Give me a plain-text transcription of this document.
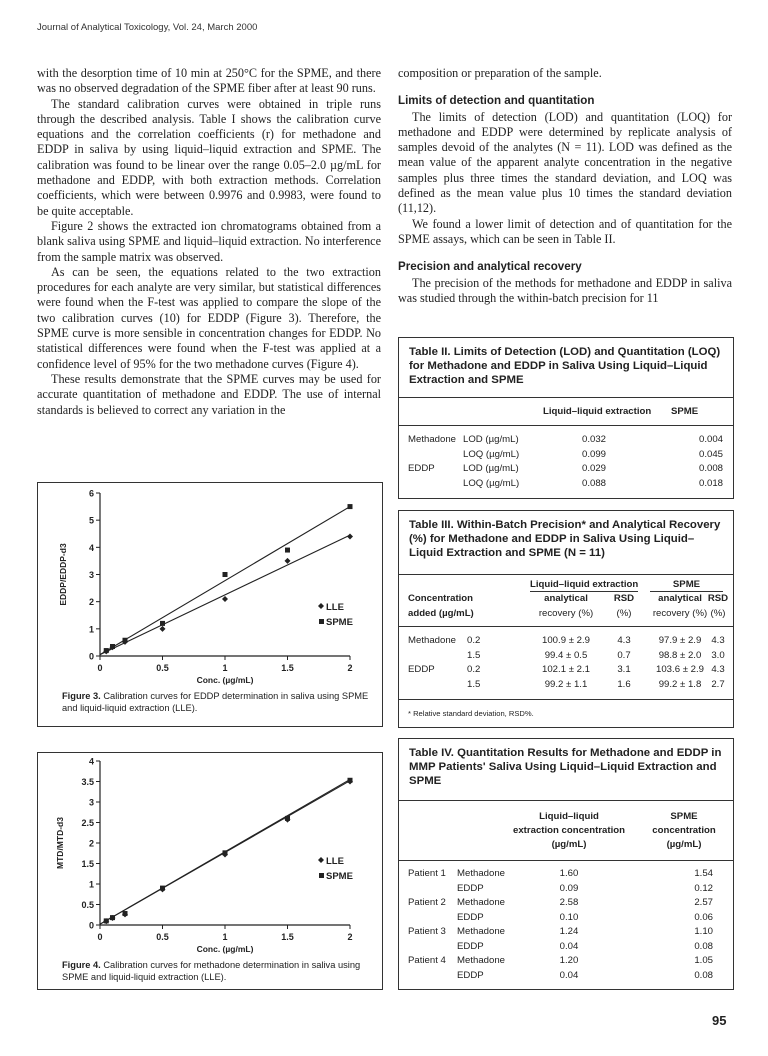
Journal of Analytical Toxicology, Vol. 24, March 2000

with the desorption time of 10 min at 250°C for the SPME, and there was no observed degradation of the SPME fiber after at least 90 runs.

The standard calibration curves were obtained in triple runs through the described analysis. Table I shows the calibration curve equations and the correlation coefficients (r) for methadone and EDDP in saliva by using liquid–liquid extraction and SPME. The calibration was found to be linear over the range 0.05–2.0 µg/mL for methadone and EDDP, with both extraction methods. Correlation coefficients, which were between 0.9976 and 0.9983, were found to be quite acceptable.

Figure 2 shows the extracted ion chromatograms obtained from a blank saliva using SPME and liquid–liquid extraction. No interference from the sample matrix was observed.

As can be seen, the equations related to the two extraction procedures for each analyte are very similar, but statistical differences were found when the F-test was applied to compare the slope of the two calibration curves (10) for EDDP (Figure 3). Therefore, the SPME curve is more sensible in concentration changes for EDDP. No statistical differences were found when the F-test was applied at a confidence level of 95% for the two methadone curves (Figure 4).

These results demonstrate that the SPME curves may be used for accurate quantitation of methadone and EDDP. The use of internal standards is believed to correct any variation in the

composition or preparation of the sample.

Limits of detection and quantitation

The limits of detection (LOD) and quantitation (LOQ) for methadone and EDDP were determined by replicate analysis of samples devoid of the analytes (N = 11). LOD was defined as the mean value of the apparent analyte concentration in the negative samples plus three times the standard deviation, and LOQ was defined as the mean value plus 10 times the standard deviation (11,12).

We found a lower limit of detection and of quantitation for the SPME assays, which can be seen in Table II.

Precision and analytical recovery

The precision of the methods for methadone and EDDP in saliva was studied through the within-batch precision for 11

0
1
2
3
4
5
6
0	0.5	1	1.5	2
Conc. (µg/mL)
EDDP/EDDP-d3
LLE
SPME
Figure 3. Calibration curves for EDDP determination in saliva using SPME and liquid-liquid extraction (LLE).
0
0.5
1
1.5
2
2.5
3
3.5
4
0	0.5	1	1.5	2
Conc. (µg/mL)
MTD/MTD-d3	LLE
SPME
Figure 4. Calibration curves for methadone determination in saliva using SPME and liquid-liquid extraction (LLE).
Table II. Limits of Detection (LOD) and Quantitation (LOQ) for Methadone and EDDP in Saliva Using Liquid–Liquid Extraction and SPME
Liquid–liquid extraction SPME
Methadone LOD (µg/mL)	0.032	0.004
LOQ (µg/mL)	0.099	0.045
EDDP	LOD (µg/mL)	0.029	0.008
LOQ (µg/mL)	0.088	0.018
Table III. Within-Batch Precision* and Analytical Recovery (%) for Methadone and EDDP in Saliva Using Liquid–Liquid Extraction and SPME (N = 11)
Liquid–liquid extraction	SPME
Concentration
added (µg/mL)
analytical
recovery (%)
RSD
(%)
analytical
recovery (%)
RSD
(%)
Methadone 0.2	100.9 ± 2.9	4.3	97.9 ± 2.9	4.3
1.5	99.4 ± 0.5	0.7	98.8 ± 2.0	3.0
EDDP	0.2	102.1 ± 2.1	3.1	103.6 ± 2.9 4.3
1.5	99.2 ± 1.1	1.6	99.2 ± 1.8	2.7
* Relative standard deviation, RSD%.
Table IV. Quantitation Results for Methadone and EDDP in MMP Patients' Saliva Using Liquid–Liquid Extraction and SPME
Liquid–liquid
extraction concentration
(µg/mL)
SPME
concentration
(µg/mL)
Patient 1 Methadone	1.60	1.54
EDDP	0.09	0.12
Patient 2 Methadone	2.58	2.57
EDDP	0.10	0.06
Patient 3 Methadone	1.24	1.10
EDDP	0.04	0.08
Patient 4 Methadone	1.20	1.05
EDDP	0.04	0.08
95
